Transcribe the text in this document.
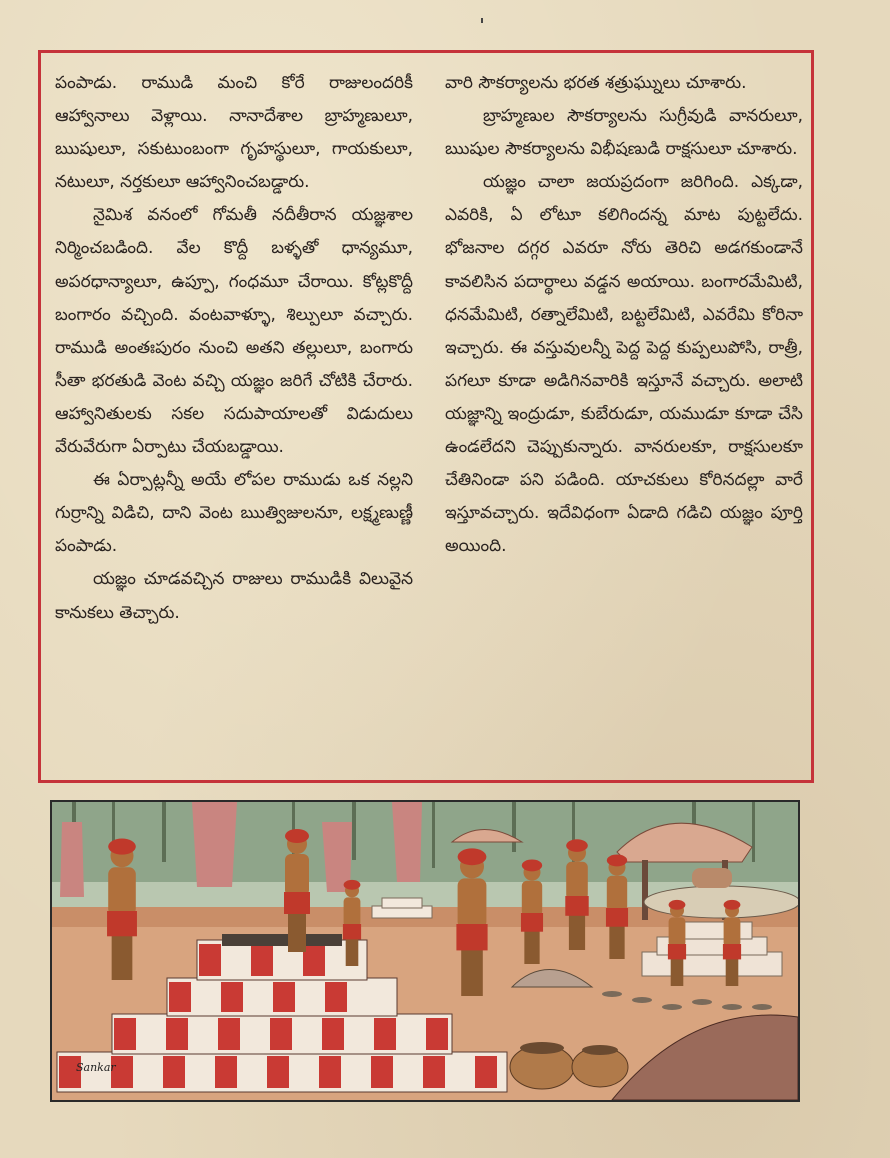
పంపాడు. రాముడి మంచి కోరే రాజులందరికీ ఆహ్వానాలు వెళ్లాయి. నానాదేశాల బ్రాహ్మణులూ, ఋషులూ, సకుటుంబంగా గృహస్థులూ, గాయకులూ, నటులూ, నర్తకులూ ఆహ్వానించబడ్డారు.

నైమిశ వనంలో గోమతీ నదీతీరాన యజ్ఞశాల నిర్మించబడింది. వేల కొద్దీ బళ్ళతో ధాన్యమూ, అపరధాన్యాలూ, ఉప్పూ, గంధమూ చేరాయి. కోట్లకొద్దీ బంగారం వచ్చింది. వంటవాళ్ళూ, శిల్పులూ వచ్చారు. రాముడి అంతఃపురం నుంచి అతని తల్లులూ, బంగారు సీతా భరతుడి వెంట వచ్చి యజ్ఞం జరిగే చోటికి చేరారు. ఆహ్వానితులకు సకల సదుపాయాలతో విడుదులు వేరువేరుగా ఏర్పాటు చేయబడ్డాయి.

ఈ ఏర్పాట్లన్నీ అయే లోపల రాముడు ఒక నల్లని గుర్రాన్ని విడిచి, దాని వెంట ఋత్విజులనూ, లక్ష్మణుణ్ణీ పంపాడు.

యజ్ఞం చూడవచ్చిన రాజులు రాముడికి విలువైన కానుకలు తెచ్చారు.

వారి సౌకర్యాలను భరత శత్రుఘ్నులు చూశారు.

బ్రాహ్మణుల సౌకర్యాలను సుగ్రీవుడి వానరులూ, ఋషుల సౌకర్యాలను విభీషణుడి రాక్షసులూ చూశారు.

యజ్ఞం చాలా జయప్రదంగా జరిగింది. ఎక్కడా, ఎవరికి, ఏ లోటూ కలిగిందన్న మాట పుట్టలేదు. భోజనాల దగ్గర ఎవరూ నోరు తెరిచి అడగకుండానే కావలిసిన పదార్థాలు వడ్డన అయాయి. బంగారమేమిటి, ధనమేమిటి, రత్నాలేమిటి, బట్టలేమిటి, ఎవరేమి కోరినా ఇచ్చారు. ఈ వస్తువులన్నీ పెద్ద పెద్ద కుప్పలుపోసి, రాత్రీ, పగలూ కూడా అడిగినవారికి ఇస్తూనే వచ్చారు. అలాటి యజ్ఞాన్ని ఇంద్రుడూ, కుబేరుడూ, యముడూ కూడా చేసి ఉండలేదని చెప్పుకున్నారు. వానరులకూ, రాక్షసులకూ చేతినిండా పని పడింది. యాచకులు కోరినదల్లా వారే ఇస్తూవచ్చారు. ఇదేవిధంగా ఏడాది గడిచి యజ్ఞం పూర్తి అయింది.

Sankar
